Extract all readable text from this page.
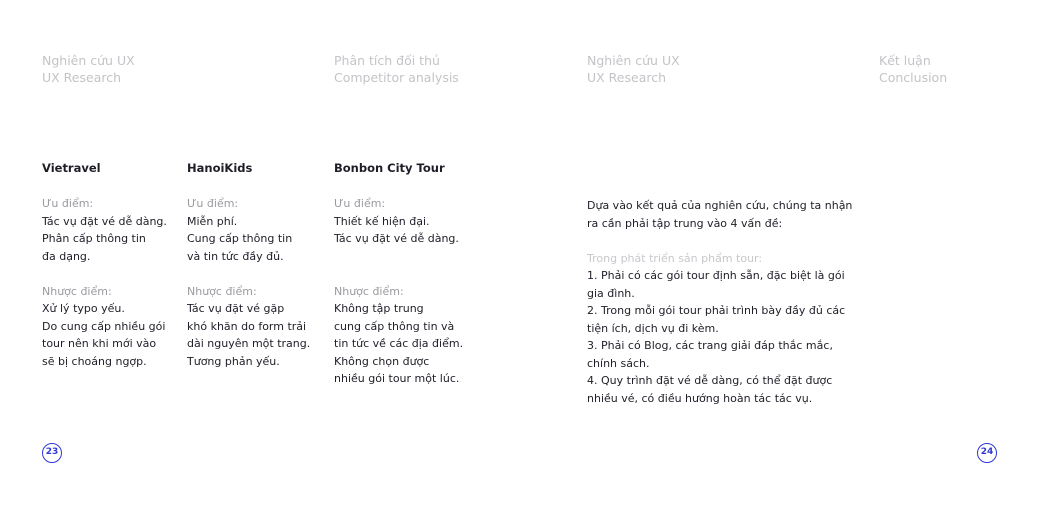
Nghiên cứu UX
UX Research
Phân tích đối thủ
Competitor analysis
Nghiên cứu UX
UX Research
Kết luận
Conclusion
Vietravel
Ưu điểm:
Tác vụ đặt vé dễ dàng.
Phân cấp thông tin
đa dạng.
Nhược điểm:
Xử lý typo yếu.
Do cung cấp nhiều gói
tour nên khi mới vào
sẽ bị choáng ngợp.
HanoiKids
Ưu điểm:
Miễn phí.
Cung cấp thông tin
và tin tức đầy đủ.
Nhược điểm:
Tác vụ đặt vé gặp
khó khăn do form trải
dài nguyên một trang.
Tương phản yếu.
Bonbon City Tour
Ưu điểm:
Thiết kế hiện đại.
Tác vụ đặt vé dễ dàng.
Nhược điểm:
Không tập trung
cung cấp thông tin và
tin tức về các địa điểm.
Không chọn được
nhiều gói tour một lúc.
Dựa vào kết quả của nghiên cứu, chúng ta nhận
ra cần phải tập trung vào 4 vấn đề:
Trong phát triển sản phẩm tour:
1. Phải có các gói tour định sẵn, đặc biệt là gói
gia đình.
2. Trong mỗi gói tour phải trình bày đầy đủ các
tiện ích, dịch vụ đi kèm.
3. Phải có Blog, các trang giải đáp thắc mắc,
chính sách.
4. Quy trình đặt vé dễ dàng, có thể đặt được
nhiều vé, có điều hướng hoàn tác tác vụ.
23	24
